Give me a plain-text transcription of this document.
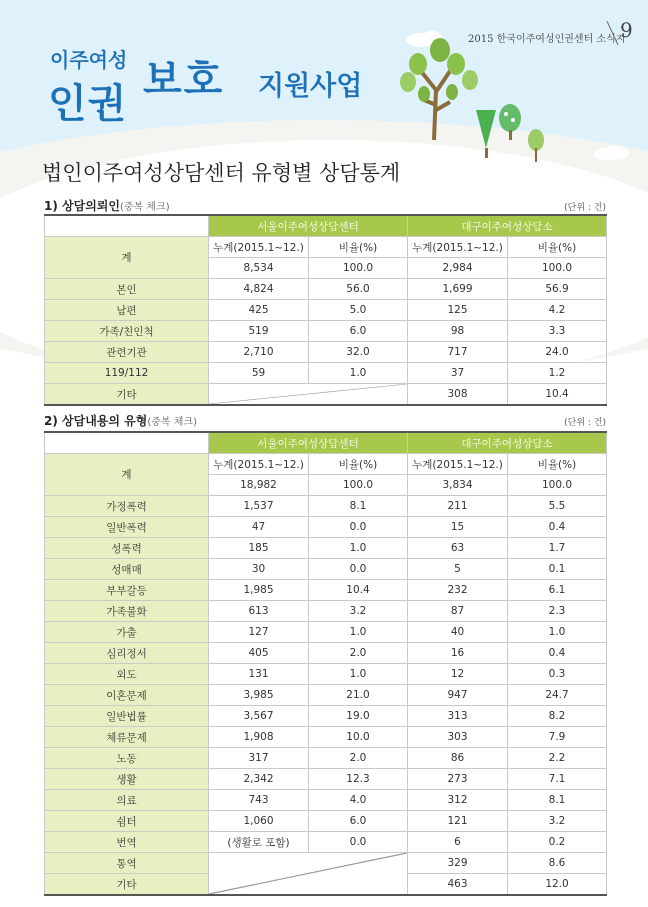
2015 한국이주여성인권센터 소식지
9
이주여성
인권
보호 지원사업
법인이주여성상담센터 유형별 상담통계
1) 상담의뢰인(중복 체크)	(단위 : 건)
	서울이주여성상담센터		대구이주여성상담소	
계	누계(2015.1~12.)	비율(%)	누계(2015.1~12.)	비율(%)
	8,534	100.0	2,984	100.0
본인	4,824	56.0	1,699	56.9
남편	425	5.0	125	4.2
가족/친인척	519	6.0	98	3.3
관련기관	2,710	32.0	717	24.0
119/112	59	1.0	37	1.2
기타			308	10.4
2) 상담내용의 유형(중복 체크)	(단위 : 건)
	서울이주여성상담센터		대구이주여성상담소	
계	누계(2015.1~12.)	비율(%)	누계(2015.1~12.)	비율(%)
	18,982	100.0	3,834	100.0
가정폭력	1,537	8.1	211	5.5
일반폭력	47	0.0	15	0.4
성폭력	185	1.0	63	1.7
성매매	30	0.0	5	0.1
부부갈등	1,985	10.4	232	6.1
가족불화	613	3.2	87	2.3
가출	127	1.0	40	1.0
심리정서	405	2.0	16	0.4
외도	131	1.0	12	0.3
이혼문제	3,985	21.0	947	24.7
일반법률	3,567	19.0	313	8.2
체류문제	1,908	10.0	303	7.9
노동	317	2.0	86	2.2
생활	2,342	12.3	273	7.1
의료	743	4.0	312	8.1
쉼터	1,060	6.0	121	3.2
번역	(생활로 포함)	0.0	6	0.2
통역			329	8.6
기타			463	12.0
